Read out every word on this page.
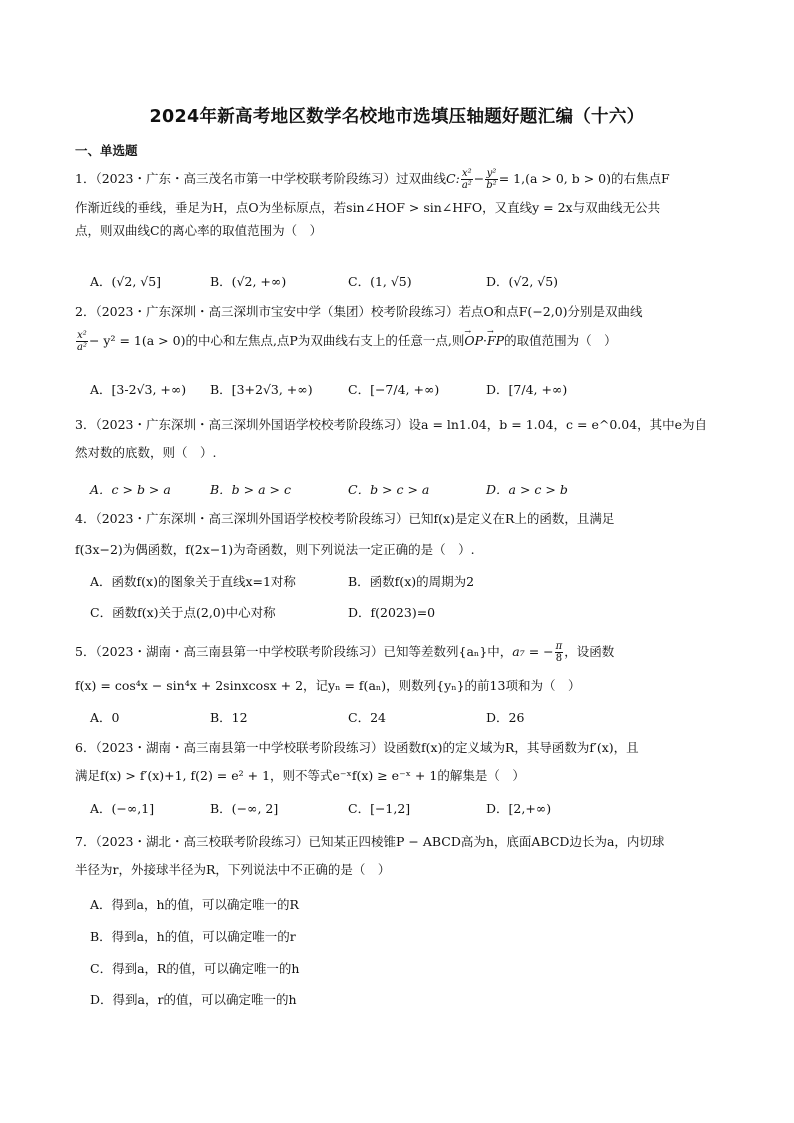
2024年新高考地区数学名校地市选填压轴题好题汇编（十六）
一、单选题
1．（2023・广东・高三茂名市第一中学校联考阶段练习）过双曲线C: $\frac{\text{x²}}{\text{a²}} - \frac{\text{y²}}{\text{b²}} = 1,(a > 0$, b > 0)的右焦点F
作渐近线的垂线，垂足为H，点O为坐标原点，若sin∠HOF > sin∠HFO，又直线y = 2x与双曲线无公共
点，则双曲线C的离心率的取值范围为（　）
A．(√2, √5]	B．(√2, +∞)	C．(1, √5)	D．(√2, √5)
2．（2023・广东深圳・高三深圳市宝安中学（集团）校考阶段练习）若点O和点F(−2,0)分别是双曲线
$\frac{\text{x²}}{\text{a²}} - y^2 = 1(a > 0)$的中心和左焦点,点P为双曲线右支上的任意一点,则→ OP·→ FP的取值范围为（　）
A．[3-2√3, +∞) B．[3+2√3, +∞)	C．[−7/4, +∞)	D．[7/4, +∞)
3．（2023・广东深圳・高三深圳外国语学校校考阶段练习）设a = ln1.04，b = 1.04，c = e^0.04，其中e为自
然对数的底数，则（　）.
A．c > b > a	B．b > a > c	C．b > c > a	D．a > c > b
4．（2023・广东深圳・高三深圳外国语学校校考阶段练习）已知f(x)是定义在R上的函数，且满足
f(3x−2)为偶函数，f(2x−1)为奇函数，则下列说法一定正确的是（　）.
A．函数f(x)的图象关于直线x=1对称	B．函数f(x)的周期为2
C．函数f(x)关于点(2,0)中心对称	D．f(2023)=0
5．（2023・湖南・高三南县第一中学校联考阶段练习）已知等差数列{aₙ}中，a₇ = − $\frac{\pi}{8}$ ，设函数
f(x) = cos⁴x − sin⁴x + 2sinxcosx + 2，记yₙ = f(aₙ)，则数列{yₙ}的前13项和为（　）
A．0	B．12	C．24	D．26
6．（2023・湖南・高三南县第一中学校联考阶段练习）设函数f(x)的定义域为R，其导函数为f′(x)，且
满足f(x) > f′(x)+1, f(2) = e² + 1，则不等式e⁻ˣf(x) ≥ e⁻ˣ + 1的解集是（　）
A．(−∞,1]	B．(−∞, 2]	C．[−1,2]	D．[2,+∞)
7．（2023・湖北・高三校联考阶段练习）已知某正四棱锥P − ABCD高为h，底面ABCD边长为a，内切球
半径为r，外接球半径为R，下列说法中不正确的是（　）
A．得到a，h的值，可以确定唯一的R
B．得到a，h的值，可以确定唯一的r
C．得到a，R的值，可以确定唯一的h
D．得到a，r的值，可以确定唯一的h
